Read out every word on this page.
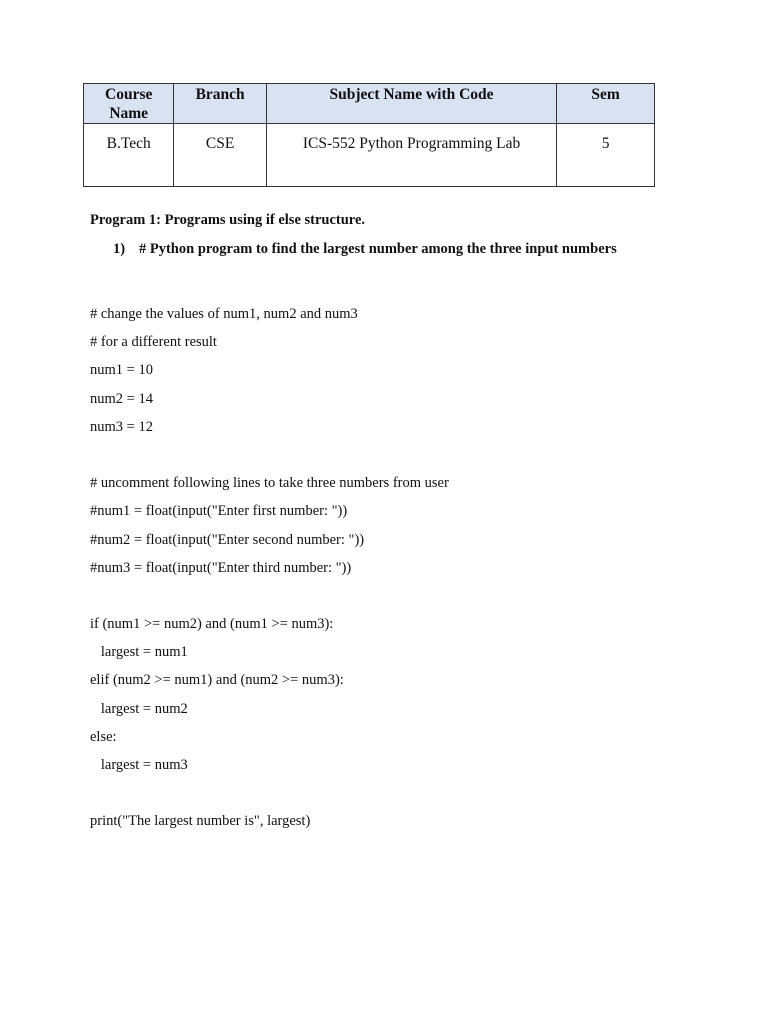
Course Name	Branch	Subject Name with Code	Sem
B.Tech	CSE	ICS-552 Python Programming Lab	5
Program 1: Programs using if else structure.
1) # Python program to find the largest number among the three input numbers
# change the values of num1, num2 and num3
# for a different result
num1 = 10
num2 = 14
num3 = 12
# uncomment following lines to take three numbers from user
#num1 = float(input("Enter first number: "))
#num2 = float(input("Enter second number: "))
#num3 = float(input("Enter third number: "))
if (num1 >= num2) and (num1 >= num3):
largest = num1
elif (num2 >= num1) and (num2 >= num3):
largest = num2
else:
largest = num3
print("The largest number is", largest)
